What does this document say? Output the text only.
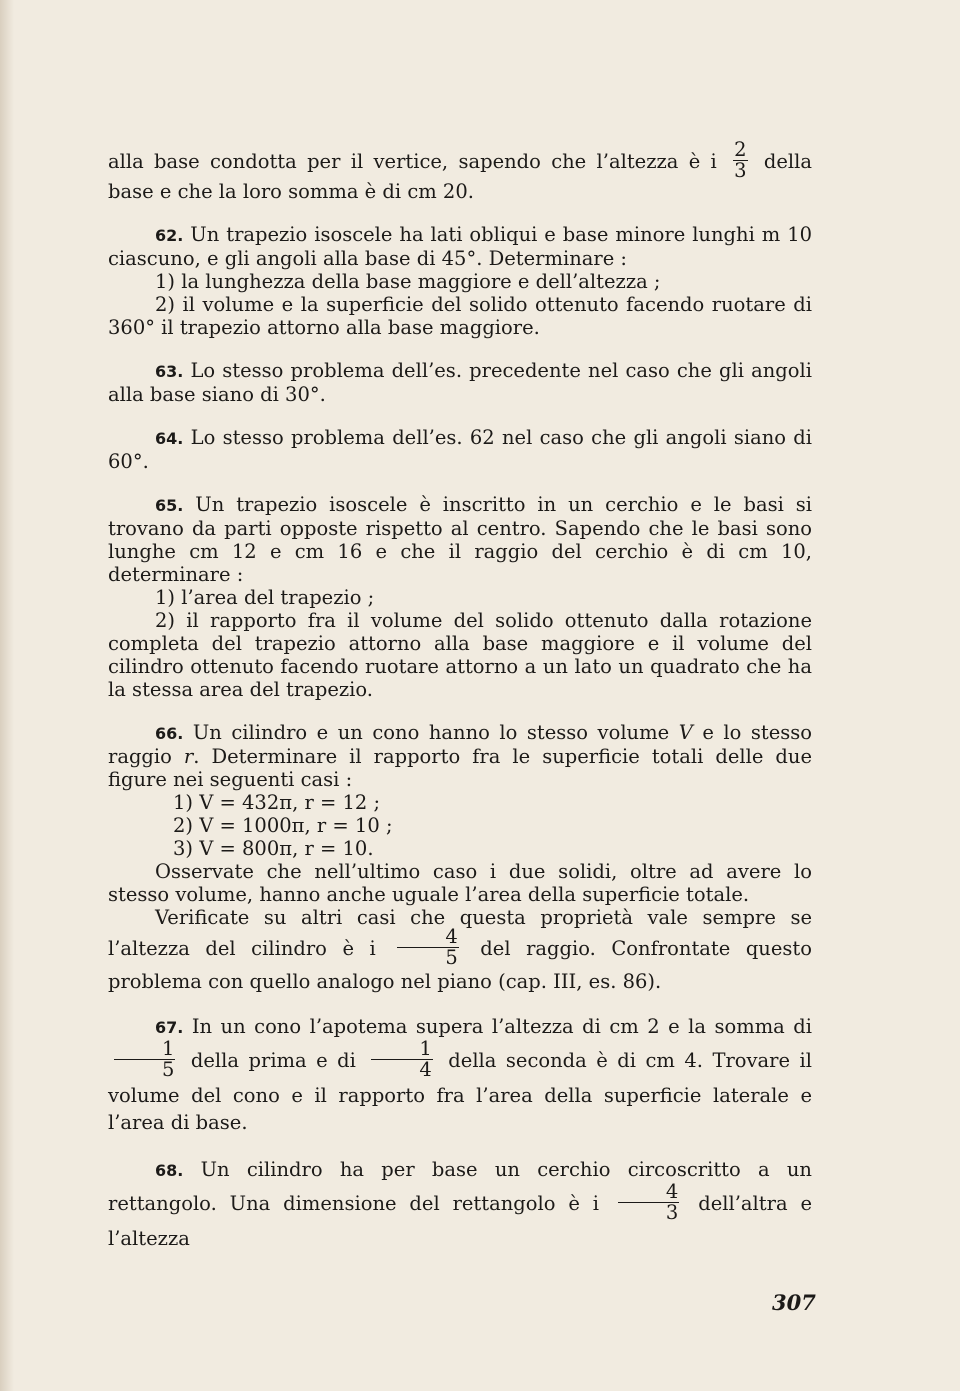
alla base condotta per il vertice, sapendo che l’altezza è i $\frac{2}{3}$ della

base e che la loro somma è di cm 20.

62. Un trapezio isoscele ha lati obliqui e base minore lunghi m 10 ciascuno, e gli angoli alla base di 45°. Determinare :

1) la lunghezza della base maggiore e dell’altezza ;

2) il volume e la superficie del solido ottenuto facendo ruotare di 360° il trapezio attorno alla base maggiore.

63. Lo stesso problema dell’es. precedente nel caso che gli angoli alla base siano di 30°.

64. Lo stesso problema dell’es. 62 nel caso che gli angoli siano di 60°.

65. Un trapezio isoscele è inscritto in un cerchio e le basi si trovano da parti opposte rispetto al centro. Sapendo che le basi sono lunghe cm 12 e cm 16 e che il raggio del cerchio è di cm 10, determinare :

1) l’area del trapezio ;

2) il rapporto fra il volume del solido ottenuto dalla rotazione completa del trapezio attorno alla base maggiore e il volume del cilindro ottenuto facendo ruotare attorno a un lato un quadrato che ha la stessa area del trapezio.

66. Un cilindro e un cono hanno lo stesso volume V e lo stesso raggio r. Determinare il rapporto fra le superficie totali delle due figure nei seguenti casi :

1) V = 432π, r = 12 ;

2) V = 1000π, r = 10 ;

3) V = 800π, r = 10.

Osservate che nell’ultimo caso i due solidi, oltre ad avere lo stesso volume, hanno anche uguale l’area della superficie totale.

Verificate su altri casi che questa proprietà vale sempre se l’altezza del cilindro è i $\frac{4}{5}$ del raggio. Confrontate questo problema con quello analogo nel piano (cap. III, es. 86).

67. In un cono l’apotema supera l’altezza di cm 2 e la somma di
$\frac{1}{5}$ della prima e di $\frac{1}{4}$ della seconda è di cm 4. Trovare il volume del cono e il rapporto fra l’area della superficie laterale e l’area di base.

68. Un cilindro ha per base un cerchio circoscritto a un rettangolo. Una dimensione del rettangolo è i $\frac{4}{3}$ dell’altra e l’altezza

307
